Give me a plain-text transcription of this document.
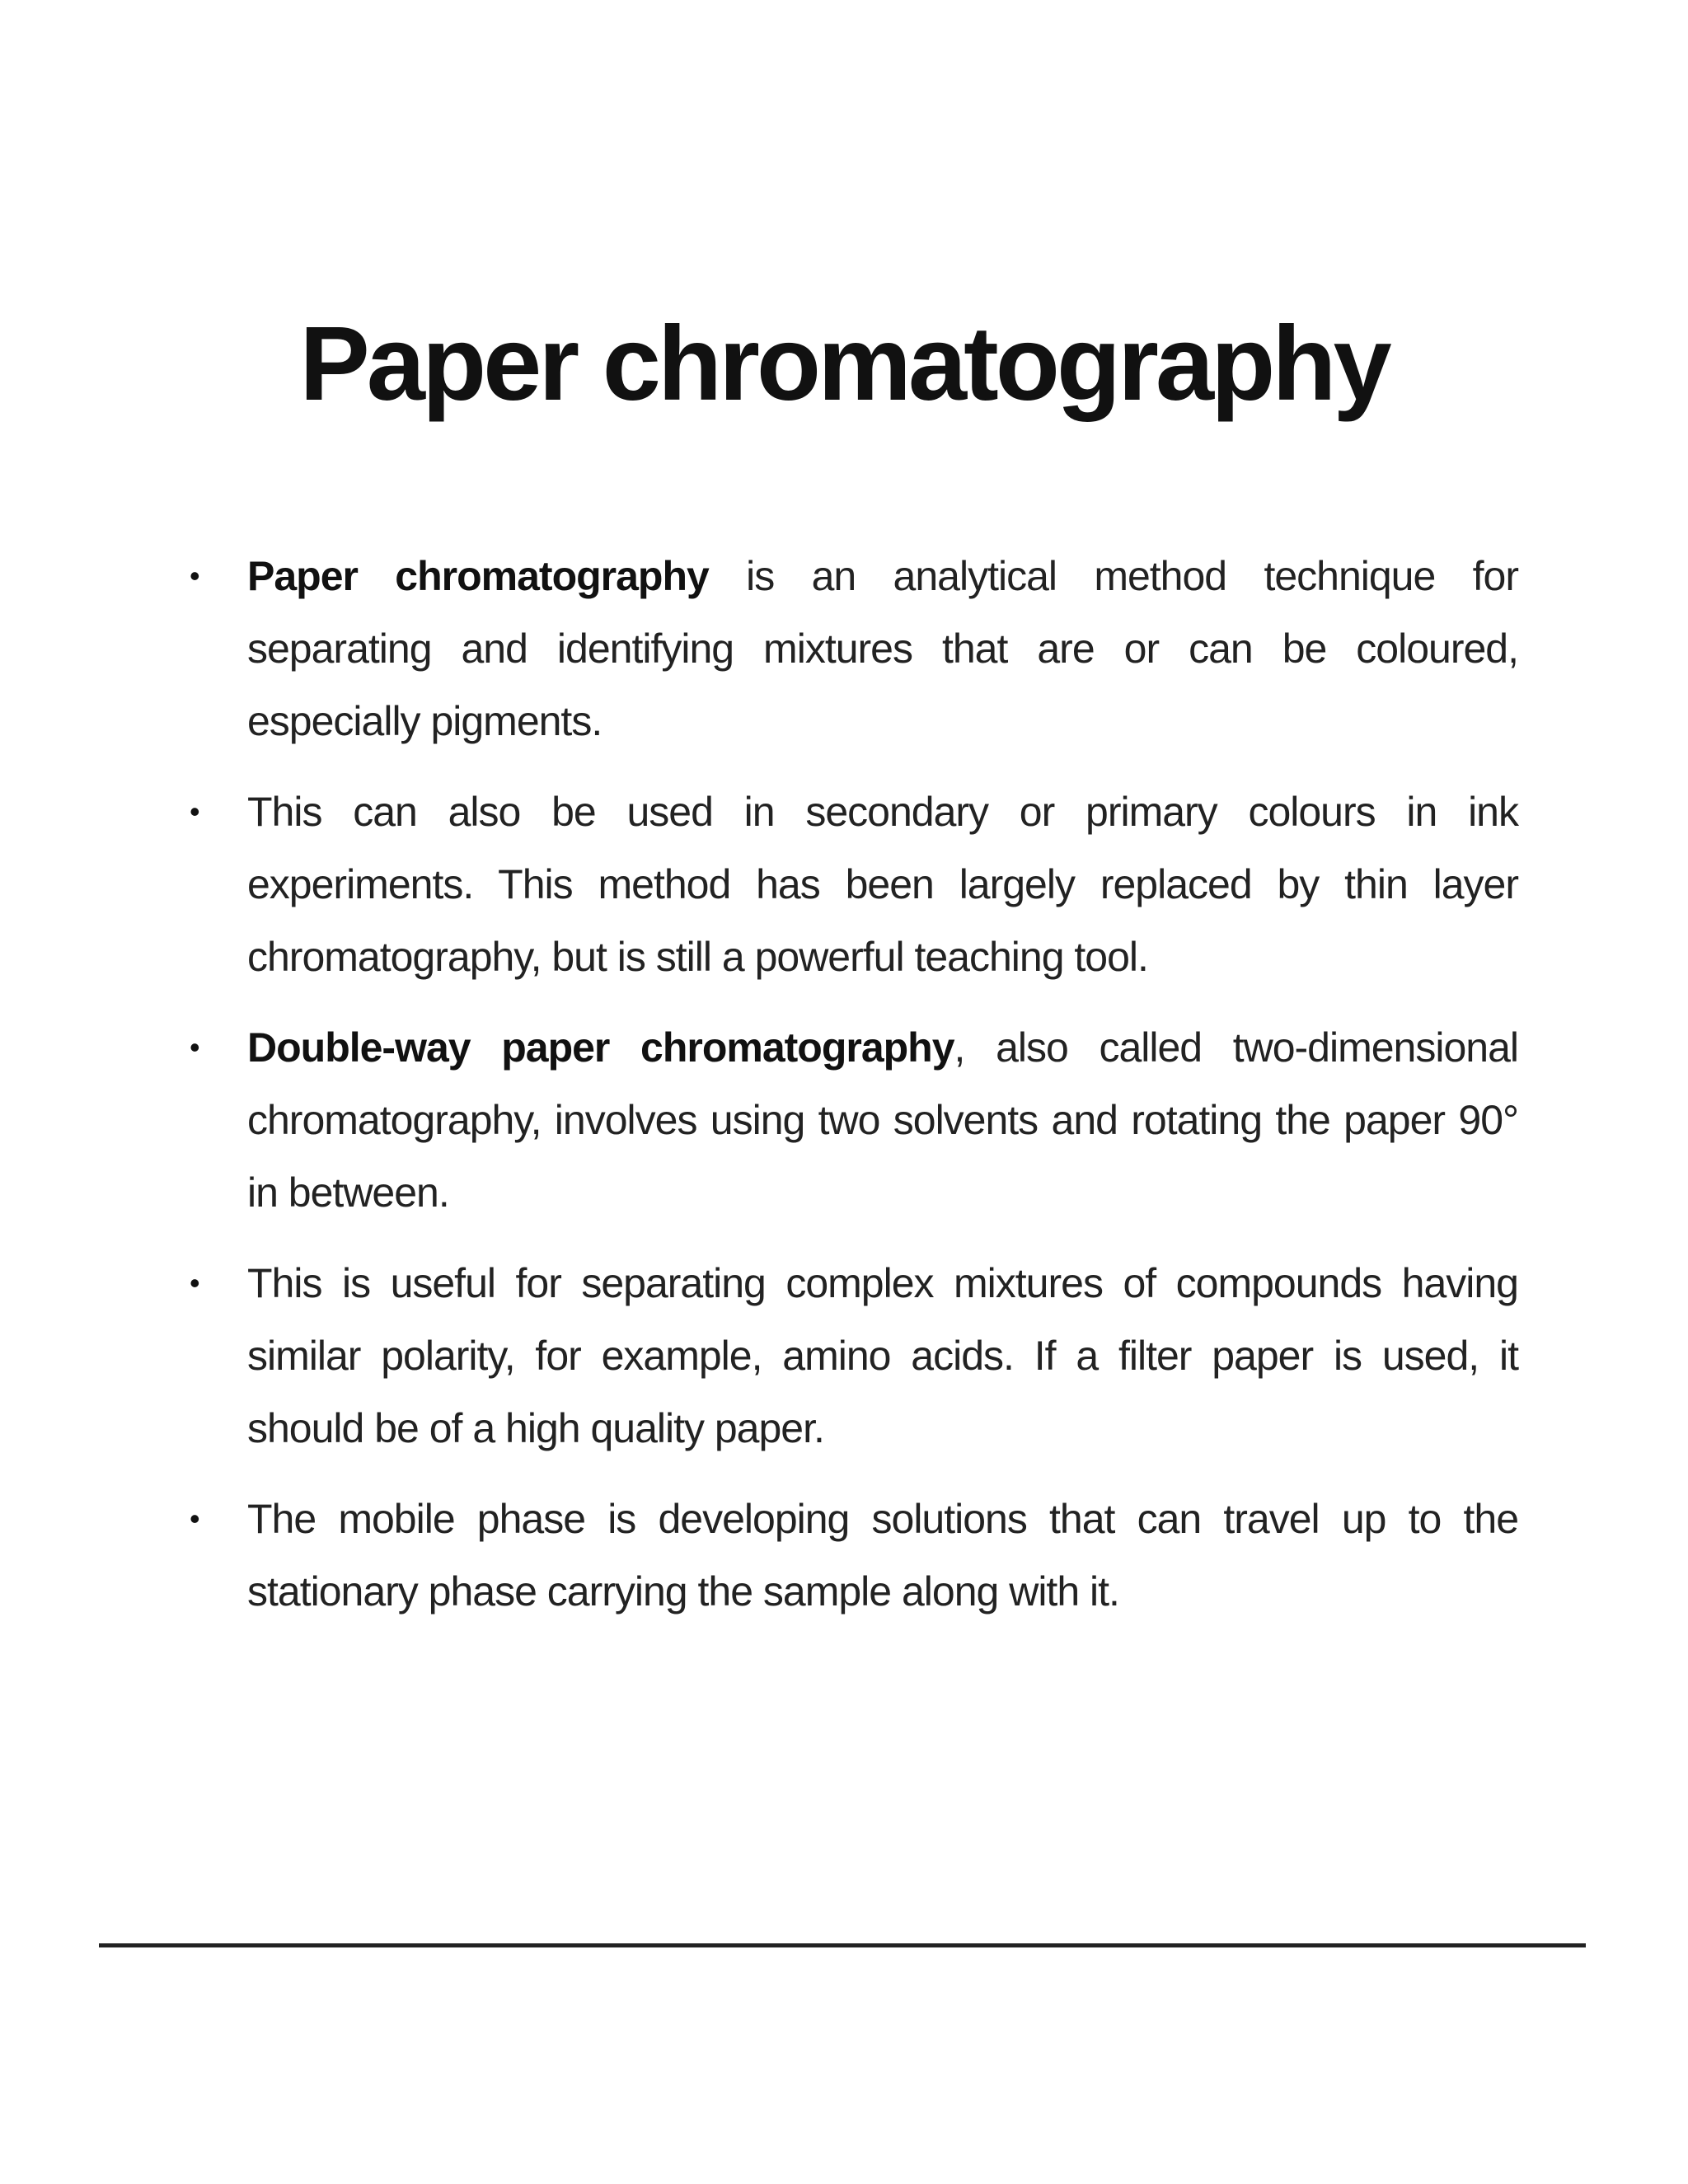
Paper chromatography
• Paper chromatography is an analytical method technique for separating and identifying mixtures that are or can be coloured, especially pigments.
• This can also be used in secondary or primary colours in ink experiments. This method has been largely replaced by thin layer chromatography, but is still a powerful teaching tool.
• Double-way paper chromatography, also called two-dimensional chromatography, involves using two solvents and rotating the paper 90° in between.
• This is useful for separating complex mixtures of compounds having similar polarity, for example, amino acids. If a filter paper is used, it should be of a high quality paper.
• The mobile phase is developing solutions that can travel up to the stationary phase carrying the sample along with it.
